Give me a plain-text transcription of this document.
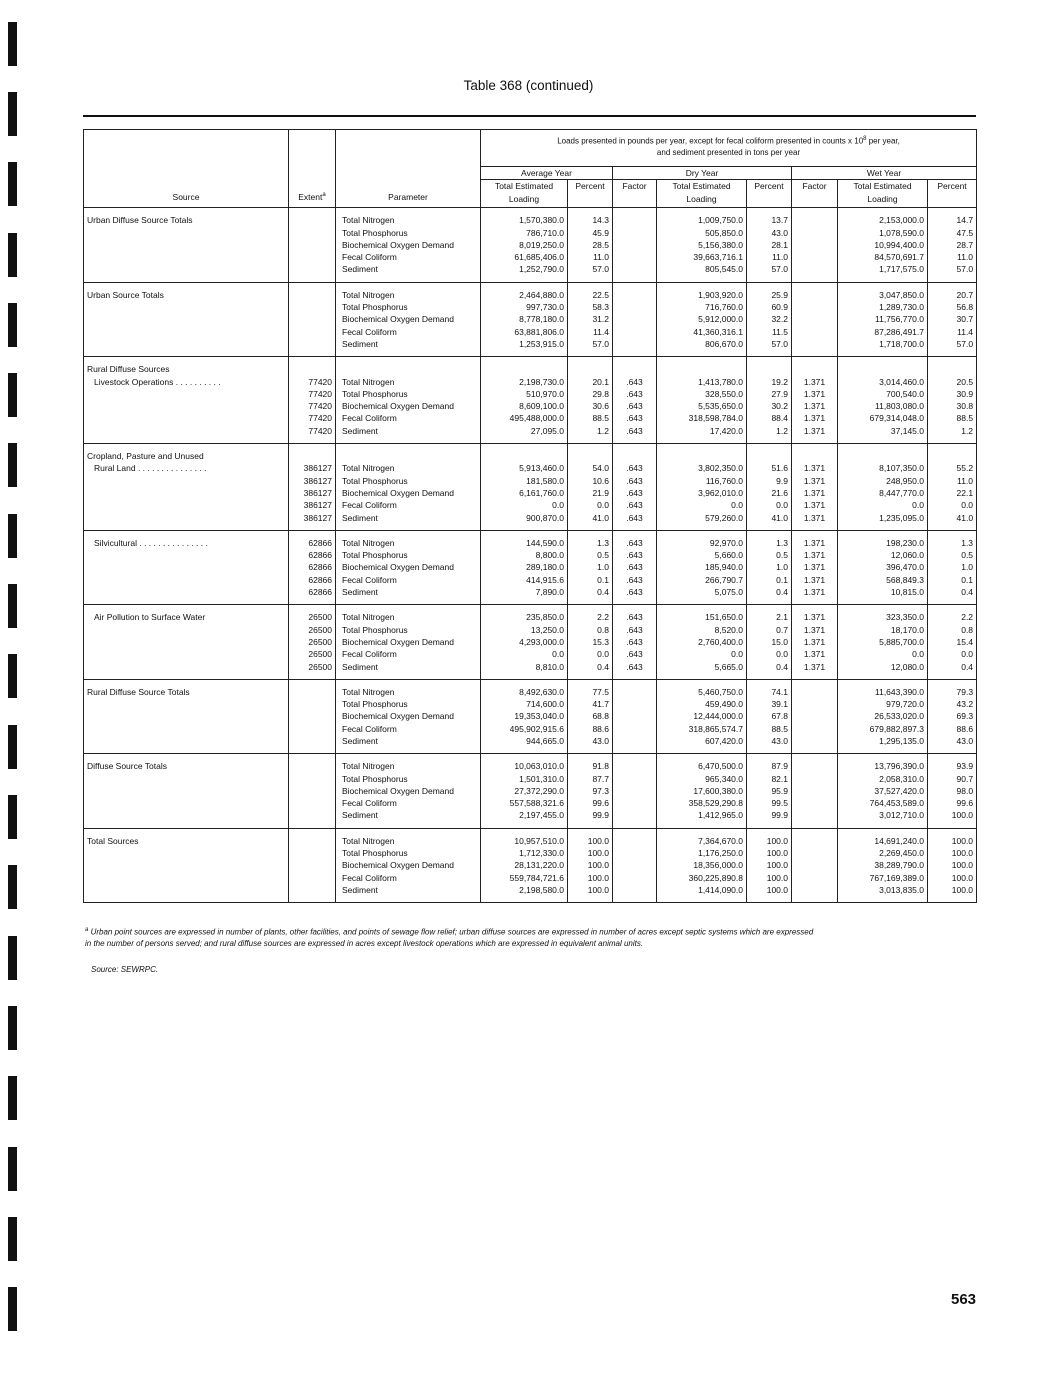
Table 368 (continued)
Source	Extent$^a$	Parameter	Loads presented in pounds per year, except for fecal coliform presented in counts x $10^8$ per year,
and sediment presented in tons per year							
			Average Year		Dry Year			Wet Year		
			Total Estimated Loading	Percent	Factor	Total Estimated Loading	Percent	Factor	Total Estimated Loading	Percent
Urban Diffuse Source Totals		Total Nitrogen	1,570,380.0	14.3		1,009,750.0	13.7		2,153,000.0	14.7
		Total Phosphorus	786,710.0	45.9		505,850.0	43.0		1,078,590.0	47.5
		Biochemical Oxygen Demand	8,019,250.0	28.5		5,156,380.0	28.1		10,994,400.0	28.7
		Fecal Coliform	61,685,406.0	11.0		39,663,716.1	11.0		84,570,691.7	11.0
		Sediment	1,252,790.0	57.0		805,545.0	57.0		1,717,575.0	57.0
Urban Source Totals		Total Nitrogen	2,464,880.0	22.5		1,903,920.0	25.9		3,047,850.0	20.7
		Total Phosphorus	997,730.0	58.3		716,760.0	60.9		1,289,730.0	56.8
		Biochemical Oxygen Demand	8,778,180.0	31.2		5,912,000.0	32.2		11,756,770.0	30.7
		Fecal Coliform	63,881,806.0	11.4		41,360,316.1	11.5		87,286,491.7	11.4
		Sediment	1,253,915.0	57.0		806,670.0	57.0		1,718,700.0	57.0
Rural Diffuse Sources										
Livestock Operations . . . . . . . . . .	77420	Total Nitrogen	2,198,730.0	20.1	.643	1,413,780.0	19.2	1.371	3,014,460.0	20.5
	77420	Total Phosphorus	510,970.0	29.8	.643	328,550.0	27.9	1.371	700,540.0	30.9
	77420	Biochemical Oxygen Demand	8,609,100.0	30.6	.643	5,535,650.0	30.2	1.371	11,803,080.0	30.8
	77420	Fecal Coliform	495,488,000.0	88.5	.643	318,598,784.0	88.4	1.371	679,314,048.0	88.5
	77420	Sediment	27,095.0	1.2	.643	17,420.0	1.2	1.371	37,145.0	1.2
Cropland, Pasture and Unused										
Rural Land . . . . . . . . . . . . . . .	386127	Total Nitrogen	5,913,460.0	54.0	.643	3,802,350.0	51.6	1.371	8,107,350.0	55.2
	386127	Total Phosphorus	181,580.0	10.6	.643	116,760.0	9.9	1.371	248,950.0	11.0
	386127	Biochemical Oxygen Demand	6,161,760.0	21.9	.643	3,962,010.0	21.6	1.371	8,447,770.0	22.1
	386127	Fecal Coliform	0.0	0.0	.643	0.0	0.0	1.371	0.0	0.0
	386127	Sediment	900,870.0	41.0	.643	579,260.0	41.0	1.371	1,235,095.0	41.0
Silvicultural . . . . . . . . . . . . . . .	62866	Total Nitrogen	144,590.0	1.3	.643	92,970.0	1.3	1.371	198,230.0	1.3
	62866	Total Phosphorus	8,800.0	0.5	.643	5,660.0	0.5	1.371	12,060.0	0.5
	62866	Biochemical Oxygen Demand	289,180.0	1.0	.643	185,940.0	1.0	1.371	396,470.0	1.0
	62866	Fecal Coliform	414,915.6	0.1	.643	266,790.7	0.1	1.371	568,849.3	0.1
	62866	Sediment	7,890.0	0.4	.643	5,075.0	0.4	1.371	10,815.0	0.4
Air Pollution to Surface Water	26500	Total Nitrogen	235,850.0	2.2	.643	151,650.0	2.1	1.371	323,350.0	2.2
	26500	Total Phosphorus	13,250.0	0.8	.643	8,520.0	0.7	1.371	18,170.0	0.8
	26500	Biochemical Oxygen Demand	4,293,000.0	15.3	.643	2,760,400.0	15.0	1.371	5,885,700.0	15.4
	26500	Fecal Coliform	0.0	0.0	.643	0.0	0.0	1.371	0.0	0.0
	26500	Sediment	8,810.0	0.4	.643	5,665.0	0.4	1.371	12,080.0	0.4
Rural Diffuse Source Totals		Total Nitrogen	8,492,630.0	77.5		5,460,750.0	74.1		11,643,390.0	79.3
		Total Phosphorus	714,600.0	41.7		459,490.0	39.1		979,720.0	43.2
		Biochemical Oxygen Demand	19,353,040.0	68.8		12,444,000.0	67.8		26,533,020.0	69.3
		Fecal Coliform	495,902,915.6	88.6		318,865,574.7	88.5		679,882,897.3	88.6
		Sediment	944,665.0	43.0		607,420.0	43.0		1,295,135.0	43.0
Diffuse Source Totals		Total Nitrogen	10,063,010.0	91.8		6,470,500.0	87.9		13,796,390.0	93.9
		Total Phosphorus	1,501,310.0	87.7		965,340.0	82.1		2,058,310.0	90.7
		Biochemical Oxygen Demand	27,372,290.0	97.3		17,600,380.0	95.9		37,527,420.0	98.0
		Fecal Coliform	557,588,321.6	99.6		358,529,290.8	99.5		764,453,589.0	99.6
		Sediment	2,197,455.0	99.9		1,412,965.0	99.9		3,012,710.0	100.0
Total Sources		Total Nitrogen	10,957,510.0	100.0		7,364,670.0	100.0		14,691,240.0	100.0
		Total Phosphorus	1,712,330.0	100.0		1,176,250.0	100.0		2,269,450.0	100.0
		Biochemical Oxygen Demand	28,131,220.0	100.0		18,356,000.0	100.0		38,289,790.0	100.0
		Fecal Coliform	559,784,721.6	100.0		360,225,890.8	100.0		767,169,389.0	100.0
		Sediment	2,198,580.0	100.0		1,414,090.0	100.0		3,013,835.0	100.0
$^a$ Urban point sources are expressed in number of plants, other facilities, and points of sewage flow relief; urban diffuse sources are expressed in number of acres except septic systems which are expressed
in the number of persons served; and rural diffuse sources are expressed in acres except livestock operations which are expressed in equivalent animal units.
Source: SEWRPC.
563
